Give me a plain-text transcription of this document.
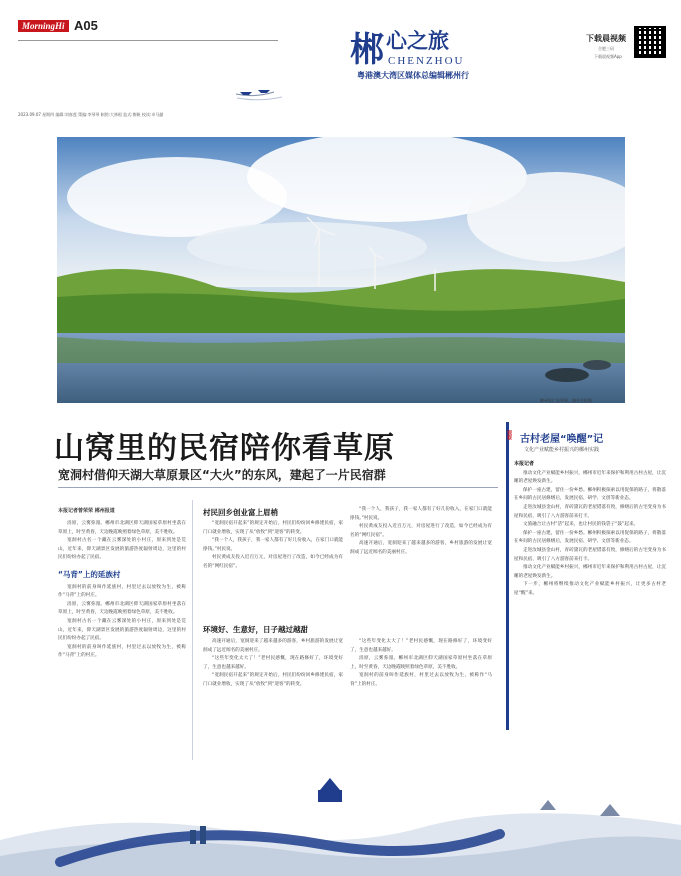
MorningHi A05
2023.09.07 星期四 编辑:刘春莲 策编:李琴琴 制图:大林根 监式:衡帆 校读:卓马勰
郴 心之旅
CHENZHOU
粤港澳大湾区媒体总编辑郴州行
下载晨视频
合肥三码
下载晨视频App
郴州安仁县草原。湖社会报地
山窝里的民宿陪你看草原
宽洞村借仰天湖大草原景区“大火”的东风，建起了一片民宿群
本报记者曾荣荣 郴州报道

涓原，云雾弥漫。郴州市北湖区仰天湖国家草原村坐落在草原上，时至黄昏，天边晚霞映照着绿色草原，美不胜收。

宽洞村古名一个藏在云雾深处的小村庄，原来到处是荒山，近年来，仰天湖景区发展的旅游热度辐射周边，这里的村民们纷纷办起了民宿。

“马背”上的延族村

宽洞村的前身叫作延族村，村里过去以放牧为生，被称作“马背”上的村庄。

涓原，云雾弥漫。郴州市北湖区仰天湖国家草原村坐落在草原上，时至黄昏，天边晚霞映照着绿色草原，美不胜收。

宽洞村古名一个藏在云雾深处的小村庄，原来到处是荒山，近年来，仰天湖景区发展的旅游热度辐射周边，这里的村民们纷纷办起了民宿。

宽洞村的前身叫作延族村，村里过去以放牧为生，被称作“马背”上的村庄。

村民回乡创业富上眉梢

“宽洞民宿开起来”的规定开始后，村民们纷纷回乡修建民宿，家门口就业增收，实现了从“放牧”到“迎客”的转变。

“我一个人，我孩子，我一家人都有了好几份收入，在家门口就能挣钱。”村民说。

村民黄成友投入近百万元，对房屋进行了改造，如今已经成为有名的“网红民宿”。

环境好、生意好，日子越过越甜

高速开通后，宽洞迎来了越来越多的游客，乡村旅游的发展让宽洞成了远近闻名的美丽村庄。

“这些年变化太大了！”老村民感慨，现在路修好了，环境变好了，生意也越来越好。

“宽洞民宿开起来”的规定开始后，村民们纷纷回乡修建民宿，家门口就业增收，实现了从“放牧”到“迎客”的转变。

“我一个人，我孩子，我一家人都有了好几份收入，在家门口就能挣钱。”村民说。

村民黄成友投入近百万元，对房屋进行了改造，如今已经成为有名的“网红民宿”。

高速开通后，宽洞迎来了越来越多的游客，乡村旅游的发展让宽洞成了远近闻名的美丽村庄。

“这些年变化太大了！”老村民感慨，现在路修好了，环境变好了，生意也越来越好。

涓原，云雾弥漫。郴州市北湖区仰天湖国家草原村坐落在草原上，时至黄昏，天边晚霞映照着绿色草原，美不胜收。

宽洞村的前身叫作延族村，村里过去以放牧为生，被称作“马背”上的村庄。

观察 古村老屋“唤醒”记
文化产业赋能乡村振兴的郴州实践
本报记者

推动文化产业赋能乡村振兴，郴州市近年来保护和利用古村古屋，让沉睡的老屋焕发新生。

保护一座古建，留住一份乡愁。郴州积极探索以用促保的路子，将散落在乡间的古民居修缮后，发展民宿、研学、文创等新业态。

走进汝城县金山村，青砖黛瓦的老屋错落有致，修缮后的古宅变身为书屋和民宿，吸引了八方游客前来打卡。

文旅融合让古村“活”起来，也让村民的钱袋子“鼓”起来。

保护一座古建，留住一份乡愁。郴州积极探索以用促保的路子，将散落在乡间的古民居修缮后，发展民宿、研学、文创等新业态。

走进汝城县金山村，青砖黛瓦的老屋错落有致，修缮后的古宅变身为书屋和民宿，吸引了八方游客前来打卡。

推动文化产业赋能乡村振兴，郴州市近年来保护和利用古村古屋，让沉睡的老屋焕发新生。

下一步，郴州将继续推动文化产业赋能乡村振兴，让更多古村老屋“醒”来。
